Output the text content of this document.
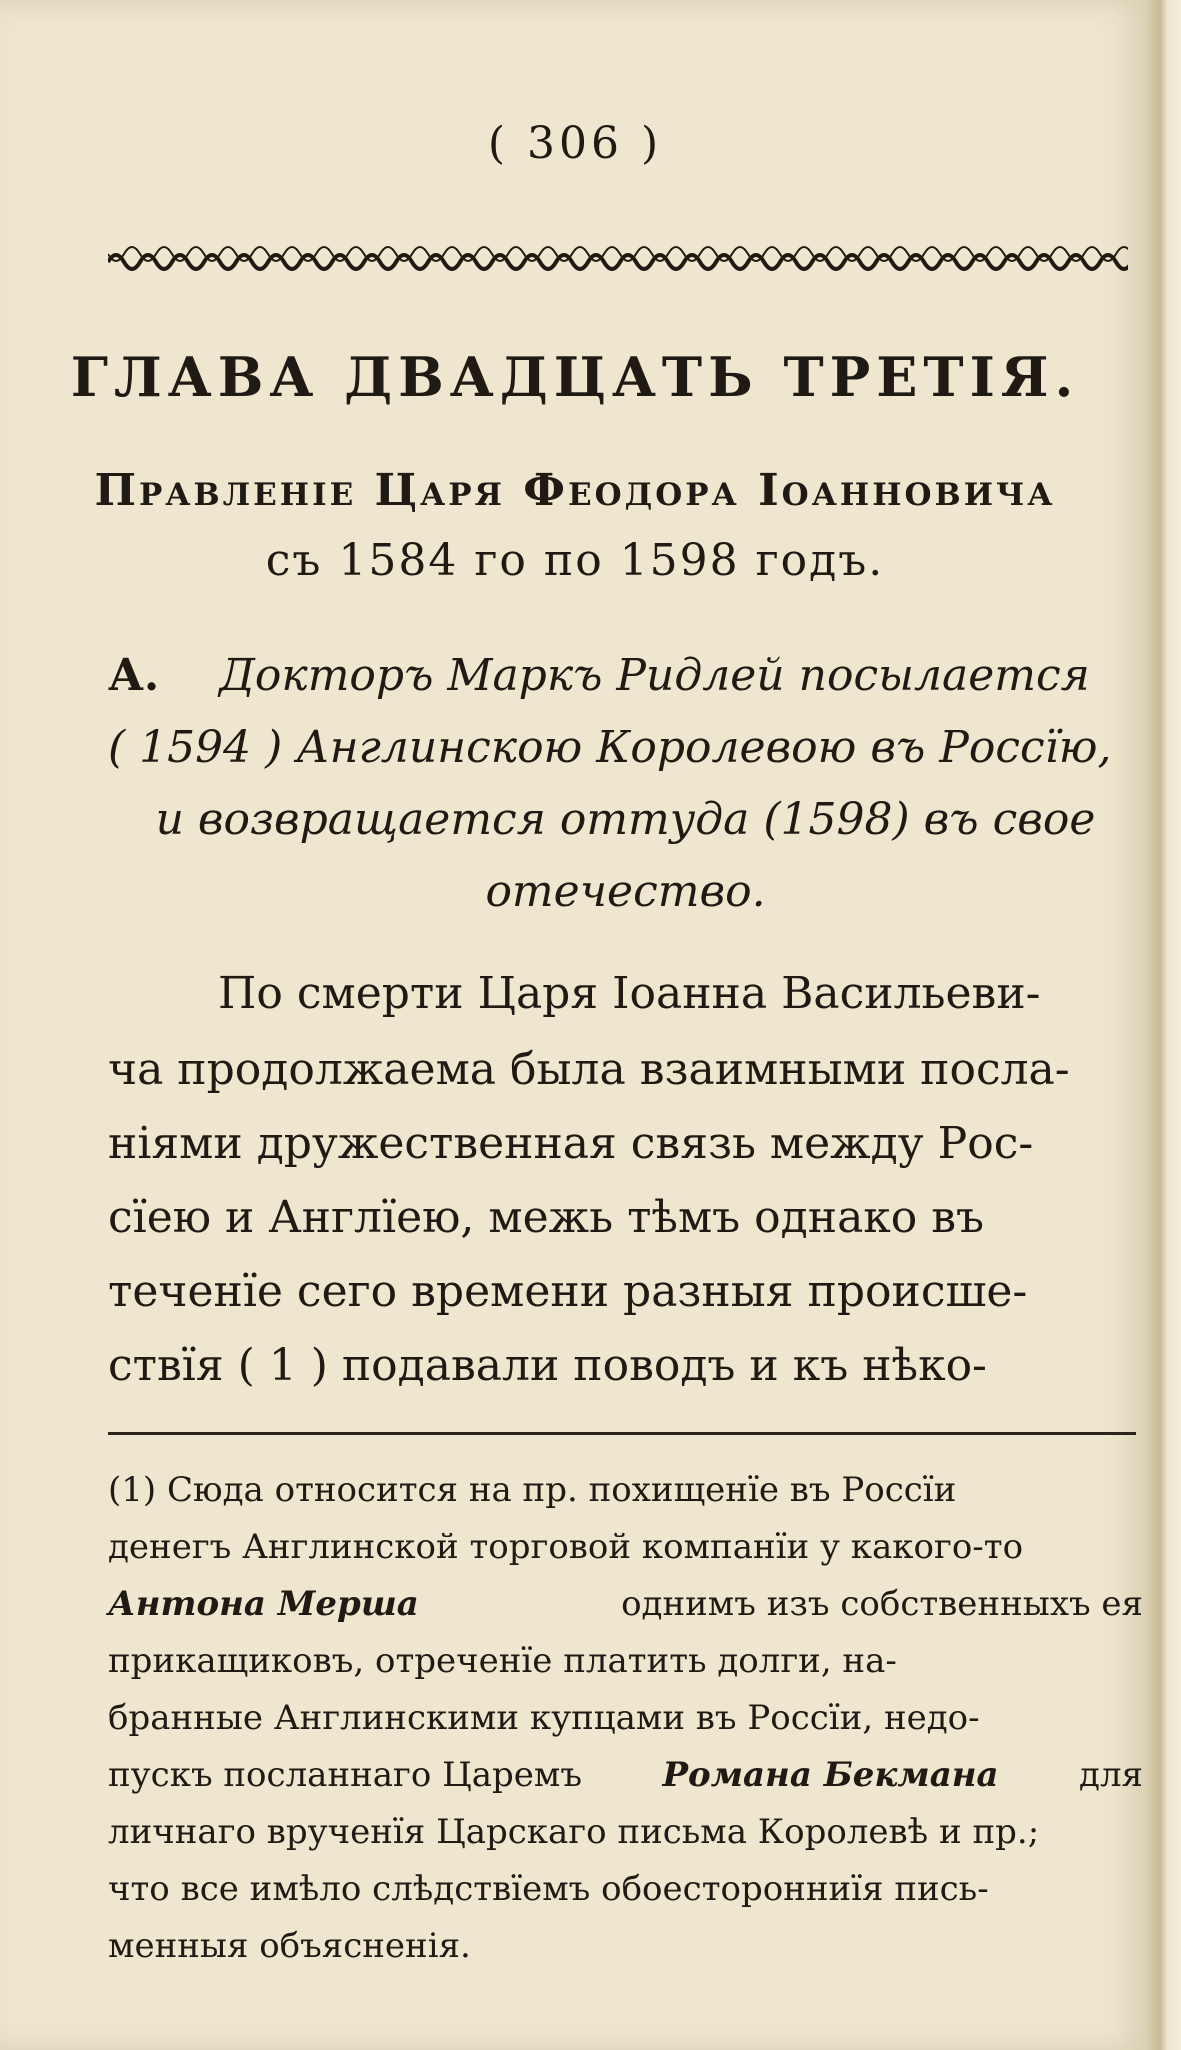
( 306 )
ГЛАВА ДВАДЦАТЬ ТРЕТІЯ.
Правленіе Царя Феодора Іоанновича
съ 1584 го по 1598 годъ.
А. Докторъ Маркъ Ридлей посылается
( 1594 ) Англинскою Королевою въ Россїю,
и возвращается оттуда (1598) въ свое
отечество.
По смерти Царя Іоанна Васильеви-
ча продолжаема была взаимными посла-
ніями дружественная связь между Рос-
сїею и Англїею, межь тѣмъ однако въ
теченїе сего времени разныя происше-
ствїя ( 1 ) подавали поводъ и къ нѣко-
(1) Сюда относится на пр. похищенїе въ Россїи
денегъ Англинской торговой компанїи у какого-то
Антона Мерша	однимъ изъ собственныхъ ея
прикащиковъ, отреченїе платить долги, на-
бранные Англинскими купцами въ Россїи, недо-
пускъ посланнаго Царемъ Романа Бекмана для
личнаго врученїя Царскаго письма Королевѣ и пр.;
что все имѣло слѣдствїемъ обоесторонниїя пись-
менныя объясненія.
